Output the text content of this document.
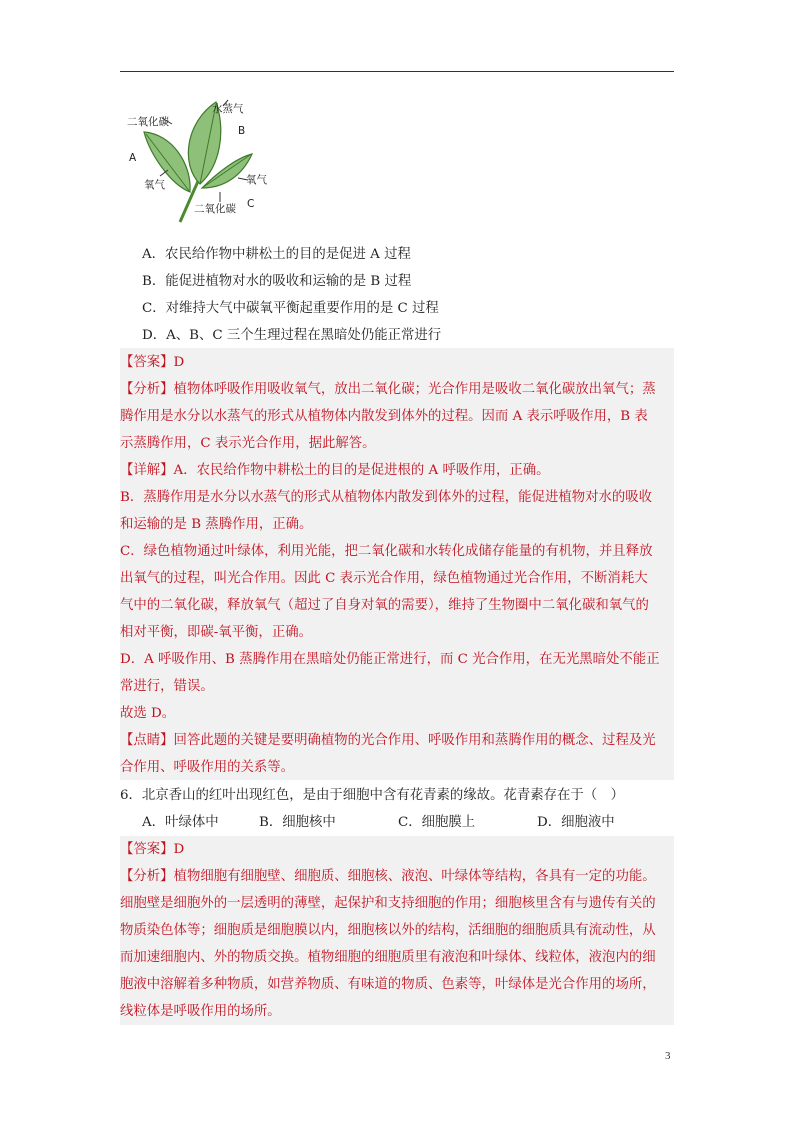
二氧化碳
水蒸气
B
A
氧气	氧气
二氧化碳 C
A．农民给作物中耕松土的目的是促进 A 过程
B．能促进植物对水的吸收和运输的是 B 过程
C．对维持大气中碳氧平衡起重要作用的是 C 过程
D．A、B、C 三个生理过程在黑暗处仍能正常进行
【答案】D
【分析】植物体呼吸作用吸收氧气，放出二氧化碳；光合作用是吸收二氧化碳放出氧气；蒸
腾作用是水分以水蒸气的形式从植物体内散发到体外的过程。因而 A 表示呼吸作用，B 表
示蒸腾作用，C 表示光合作用，据此解答。
【详解】A．农民给作物中耕松土的目的是促进根的 A 呼吸作用，正确。
B．蒸腾作用是水分以水蒸气的形式从植物体内散发到体外的过程，能促进植物对水的吸收
和运输的是 B 蒸腾作用，正确。
C．绿色植物通过叶绿体，利用光能，把二氧化碳和水转化成储存能量的有机物，并且释放
出氧气的过程，叫光合作用。因此 C 表示光合作用，绿色植物通过光合作用，不断消耗大
气中的二氧化碳，释放氧气（超过了自身对氧的需要），维持了生物圈中二氧化碳和氧气的
相对平衡，即碳-氧平衡，正确。
D．A 呼吸作用、B 蒸腾作用在黑暗处仍能正常进行，而 C 光合作用，在无光黑暗处不能正
常进行，错误。
故选 D。
【点睛】回答此题的关键是要明确植物的光合作用、呼吸作用和蒸腾作用的概念、过程及光
合作用、呼吸作用的关系等。
6．北京香山的红叶出现红色，是由于细胞中含有花青素的缘故。花青素存在于（　）
A．叶绿体中	B．细胞核中	C．细胞膜上	D．细胞液中
【答案】D
【分析】植物细胞有细胞壁、细胞质、细胞核、液泡、叶绿体等结构，各具有一定的功能。
细胞壁是细胞外的一层透明的薄壁，起保护和支持细胞的作用；细胞核里含有与遗传有关的
物质染色体等；细胞质是细胞膜以内，细胞核以外的结构，活细胞的细胞质具有流动性，从
而加速细胞内、外的物质交换。植物细胞的细胞质里有液泡和叶绿体、线粒体，液泡内的细
胞液中溶解着多种物质，如营养物质、有味道的物质、色素等，叶绿体是光合作用的场所，
线粒体是呼吸作用的场所。
3
